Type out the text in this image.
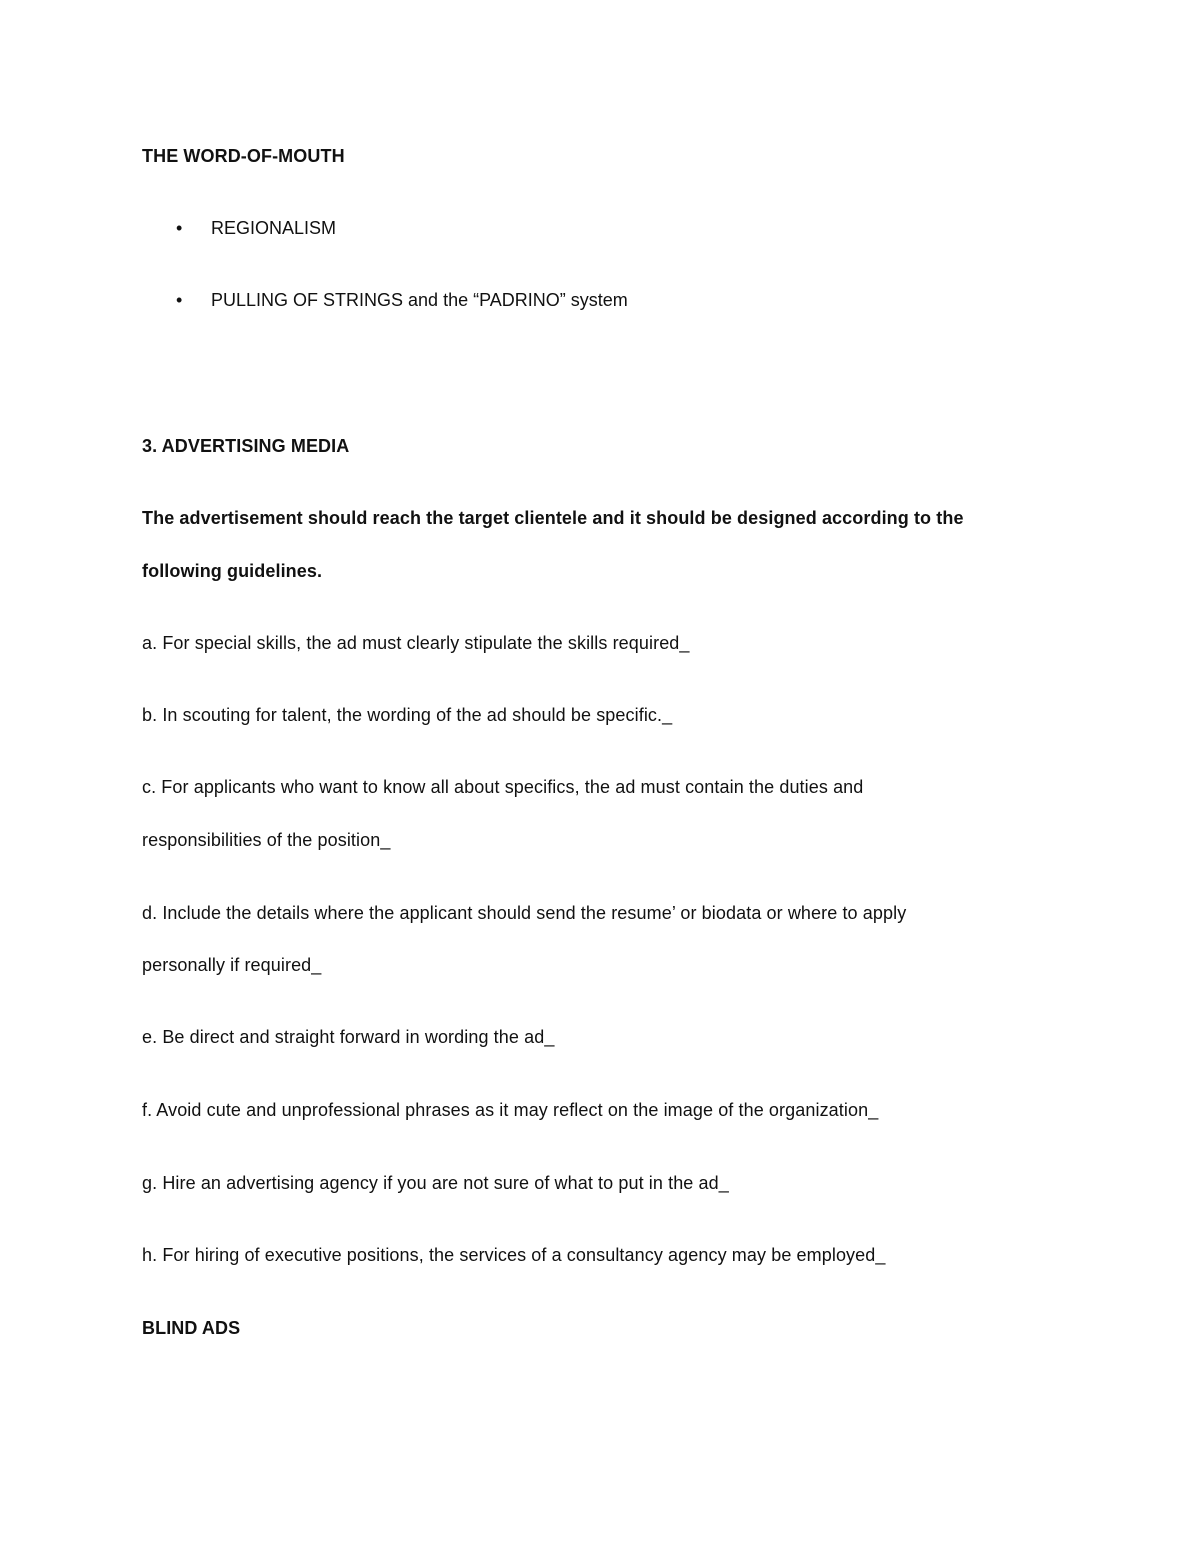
THE WORD-OF-MOUTH
• REGIONALISM
• PULLING OF STRINGS and the “PADRINO” system
3. ADVERTISING MEDIA
The advertisement should reach the target clientele and it should be designed according to the
following guidelines.
a. For special skills, the ad must clearly stipulate the skills required_
b. In scouting for talent, the wording of the ad should be specific._
c. For applicants who want to know all about specifics, the ad must contain the duties and
responsibilities of the position_
d. Include the details where the applicant should send the resume’ or biodata or where to apply
personally if required_
e. Be direct and straight forward in wording the ad_
f. Avoid cute and unprofessional phrases as it may reflect on the image of the organization_
g. Hire an advertising agency if you are not sure of what to put in the ad_
h. For hiring of executive positions, the services of a consultancy agency may be employed_
BLIND ADS
